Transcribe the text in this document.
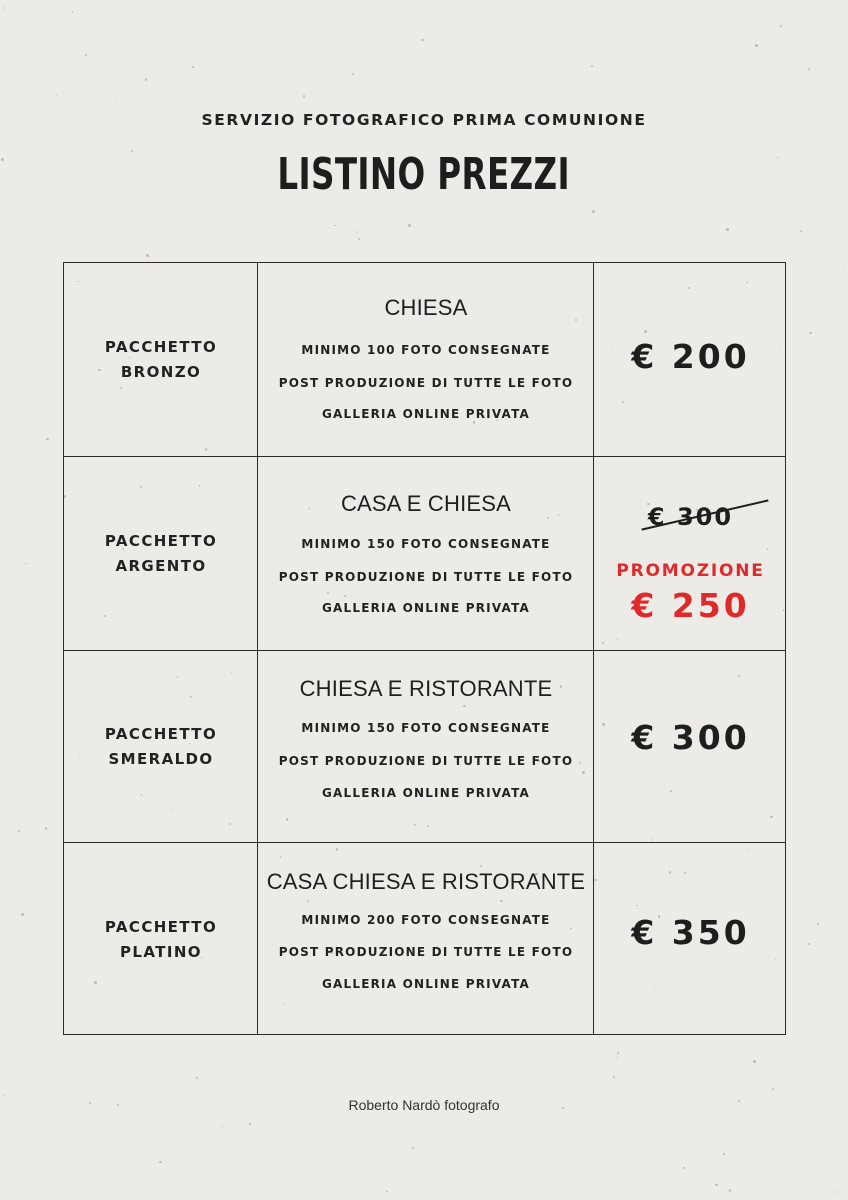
SERVIZIO FOTOGRAFICO PRIMA COMUNIONE
LISTINO PREZZI
PACCHETTO
BRONZO
CHIESA
MINIMO 100 FOTO CONSEGNATE
POST PRODUZIONE DI TUTTE LE FOTO
GALLERIA ONLINE PRIVATA
€ 200
PACCHETTO
ARGENTO
CASA E CHIESA
MINIMO 150 FOTO CONSEGNATE
POST PRODUZIONE DI TUTTE LE FOTO
GALLERIA ONLINE PRIVATA
€ 300
PROMOZIONE
€ 250
PACCHETTO
SMERALDO
CHIESA E RISTORANTE
MINIMO 150 FOTO CONSEGNATE
POST PRODUZIONE DI TUTTE LE FOTO
GALLERIA ONLINE PRIVATA
€ 300
PACCHETTO
PLATINO
CASA CHIESA E RISTORANTE
MINIMO 200 FOTO CONSEGNATE
POST PRODUZIONE DI TUTTE LE FOTO
GALLERIA ONLINE PRIVATA
€ 350
Roberto Nardò fotografo
